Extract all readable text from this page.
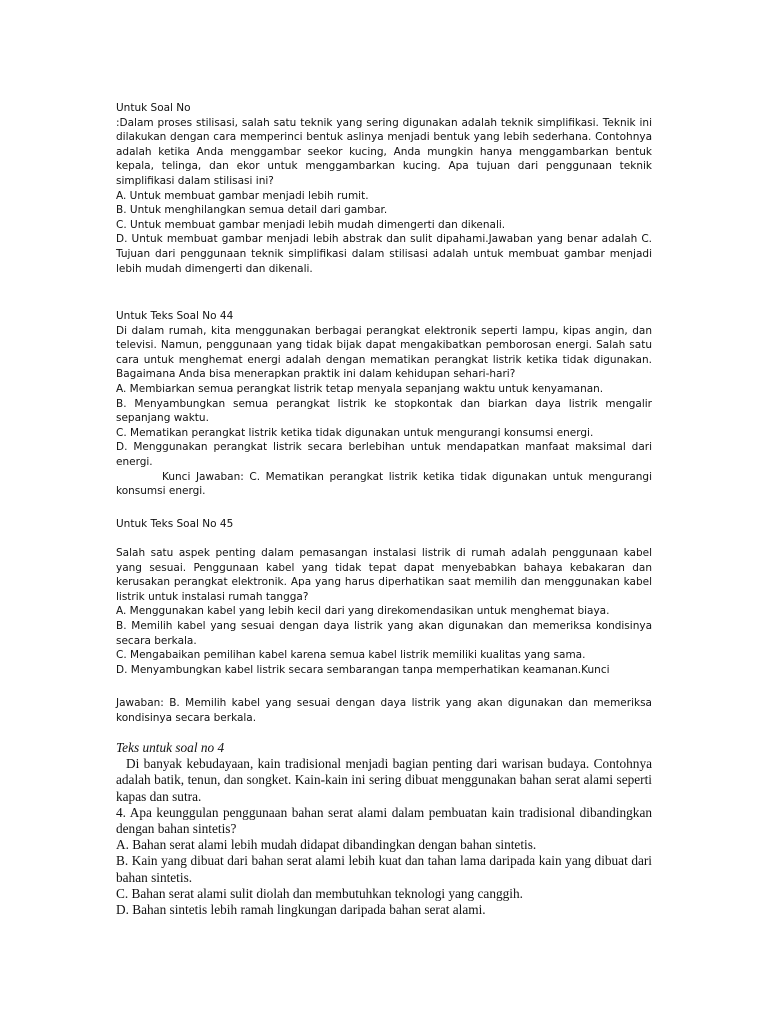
Untuk Soal No

:Dalam proses stilisasi, salah satu teknik yang sering digunakan adalah teknik simplifikasi. Teknik ini dilakukan dengan cara memperinci bentuk aslinya menjadi bentuk yang lebih sederhana. Contohnya adalah ketika Anda menggambar seekor kucing, Anda mungkin hanya menggambarkan bentuk kepala, telinga, dan ekor untuk menggambarkan kucing. Apa tujuan dari penggunaan teknik simplifikasi dalam stilisasi ini?

A. Untuk membuat gambar menjadi lebih rumit.

B. Untuk menghilangkan semua detail dari gambar.

C. Untuk membuat gambar menjadi lebih mudah dimengerti dan dikenali.

D. Untuk membuat gambar menjadi lebih abstrak dan sulit dipahami.Jawaban yang benar adalah C. Tujuan dari penggunaan teknik simplifikasi dalam stilisasi adalah untuk membuat gambar menjadi lebih mudah dimengerti dan dikenali.

Untuk Teks Soal No 44

Di dalam rumah, kita menggunakan berbagai perangkat elektronik seperti lampu, kipas angin, dan televisi. Namun, penggunaan yang tidak bijak dapat mengakibatkan pemborosan energi. Salah satu cara untuk menghemat energi adalah dengan mematikan perangkat listrik ketika tidak digunakan. Bagaimana Anda bisa menerapkan praktik ini dalam kehidupan sehari-hari?

A. Membiarkan semua perangkat listrik tetap menyala sepanjang waktu untuk kenyamanan.

B. Menyambungkan semua perangkat listrik ke stopkontak dan biarkan daya listrik mengalir sepanjang waktu.

C. Mematikan perangkat listrik ketika tidak digunakan untuk mengurangi konsumsi energi.

D. Menggunakan perangkat listrik secara berlebihan untuk mendapatkan manfaat maksimal dari energi.

Kunci Jawaban: C. Mematikan perangkat listrik ketika tidak digunakan untuk mengurangi konsumsi energi.

Untuk Teks Soal No 45

Salah satu aspek penting dalam pemasangan instalasi listrik di rumah adalah penggunaan kabel yang sesuai. Penggunaan kabel yang tidak tepat dapat menyebabkan bahaya kebakaran dan kerusakan perangkat elektronik. Apa yang harus diperhatikan saat memilih dan menggunakan kabel listrik untuk instalasi rumah tangga?

A. Menggunakan kabel yang lebih kecil dari yang direkomendasikan untuk menghemat biaya.

B. Memilih kabel yang sesuai dengan daya listrik yang akan digunakan dan memeriksa kondisinya secara berkala.

C. Mengabaikan pemilihan kabel karena semua kabel listrik memiliki kualitas yang sama.

D. Menyambungkan kabel listrik secara sembarangan tanpa memperhatikan keamanan.Kunci

Jawaban: B. Memilih kabel yang sesuai dengan daya listrik yang akan digunakan dan memeriksa kondisinya secara berkala.

Teks untuk soal no 4

Di banyak kebudayaan, kain tradisional menjadi bagian penting dari warisan budaya. Contohnya adalah batik, tenun, dan songket. Kain-kain ini sering dibuat menggunakan bahan serat alami seperti kapas dan sutra.

4. Apa keunggulan penggunaan bahan serat alami dalam pembuatan kain tradisional dibandingkan dengan bahan sintetis?

A. Bahan serat alami lebih mudah didapat dibandingkan dengan bahan sintetis.

B. Kain yang dibuat dari bahan serat alami lebih kuat dan tahan lama daripada kain yang dibuat dari bahan sintetis.

C. Bahan serat alami sulit diolah dan membutuhkan teknologi yang canggih.

D. Bahan sintetis lebih ramah lingkungan daripada bahan serat alami.
